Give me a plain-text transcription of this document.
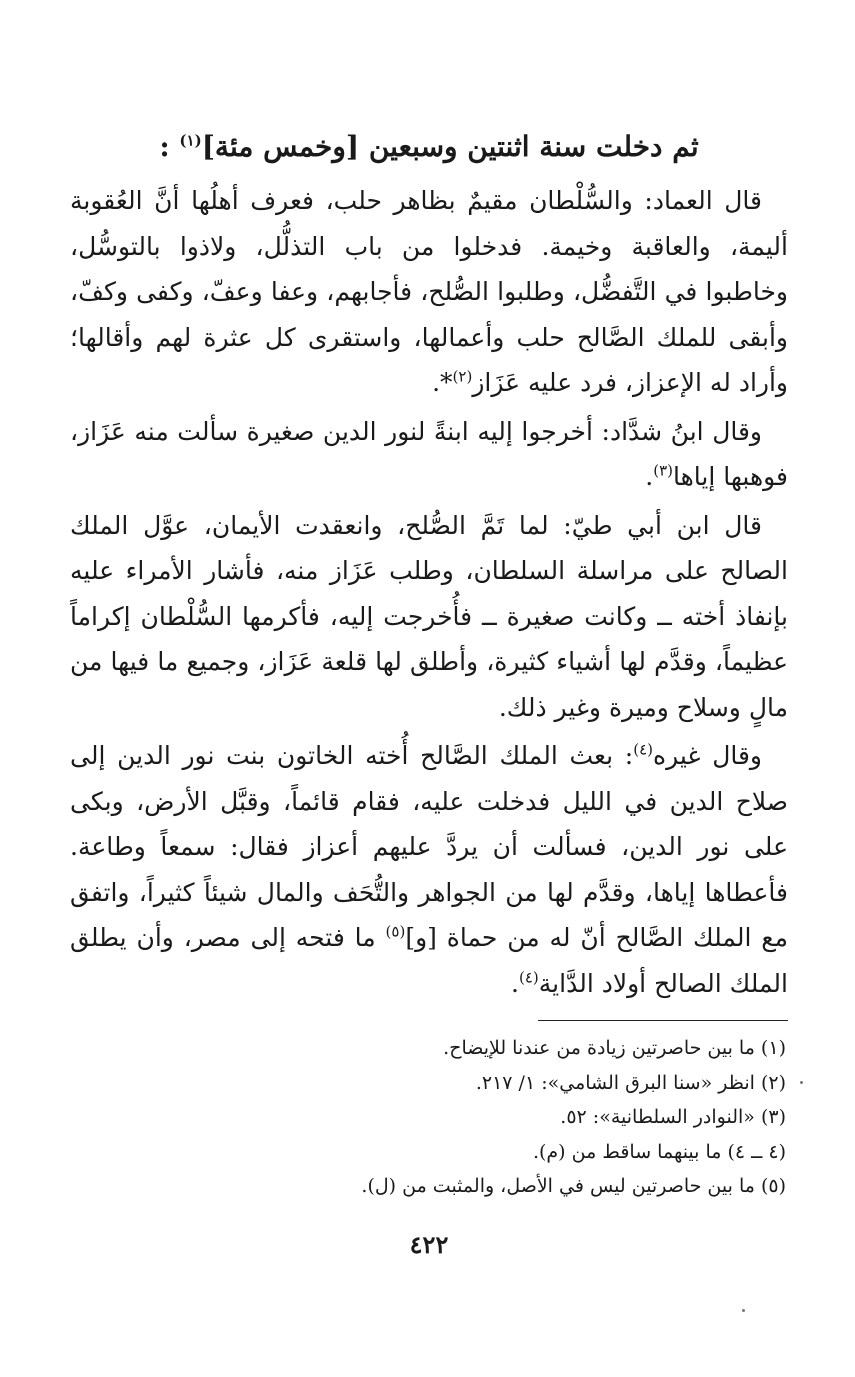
ثم دخلت سنة اثنتين وسبعين [وخمس مئة]$^{(١)}$ :

قال العماد: والسُّلْطان مقيمٌ بظاهر حلب، فعرف أهلُها أنَّ العُقوبة أليمة، والعاقبة وخيمة. فدخلوا من باب التذلُّل، ولاذوا بالتوسُّل، وخاطبوا في التَّفضُّل، وطلبوا الصُّلح، فأجابهم، وعفا وعفّ، وكفى وكفّ، وأبقى للملك الصَّالح حلب وأعمالها، واستقرى كل عثرة لهم وأقالها؛ وأراد له الإعزاز، فرد عليه عَزَاز$^{(٢)}$*.

وقال ابنُ شدَّاد: أخرجوا إليه ابنةً لنور الدين صغيرة سألت منه عَزَاز، فوهبها إياها$^{(٣)}$.

قال ابن أبي طيّ: لما تَمَّ الصُّلح، وانعقدت الأيمان، عوَّل الملك الصالح على مراسلة السلطان، وطلب عَزَاز منه، فأشار الأمراء عليه بإنفاذ أخته ــ وكانت صغيرة ــ فأُخرجت إليه، فأكرمها السُّلْطان إكراماً عظيماً، وقدَّم لها أشياء كثيرة، وأطلق لها قلعة عَزَاز، وجميع ما فيها من مالٍ وسلاح وميرة وغير ذلك.

وقال غيره$^{(٤)}$: بعث الملك الصَّالح أُخته الخاتون بنت نور الدين إلى صلاح الدين في الليل فدخلت عليه، فقام قائماً، وقبَّل الأرض، وبكى على نور الدين، فسألت أن يردَّ عليهم أعزاز فقال: سمعاً وطاعة. فأعطاها إياها، وقدَّم لها من الجواهر والتُّحَف والمال شيئاً كثيراً، واتفق مع الملك الصَّالح أنّ له من حماة [و]$^{(٥)}$ ما فتحه إلى مصر، وأن يطلق الملك الصالح أولاد الدَّاية$^{(٤)}$.

(١) ما بين حاصرتين زيادة من عندنا للإيضاح.

(٢) انظر «سنا البرق الشامي»: ١/ ٢١٧.

(٣) «النوادر السلطانية»: ٥٢.

(٤ ــ ٤) ما بينهما ساقط من (م).

(٥) ما بين حاصرتين ليس في الأصل، والمثبت من (ل).

٤٢٢
